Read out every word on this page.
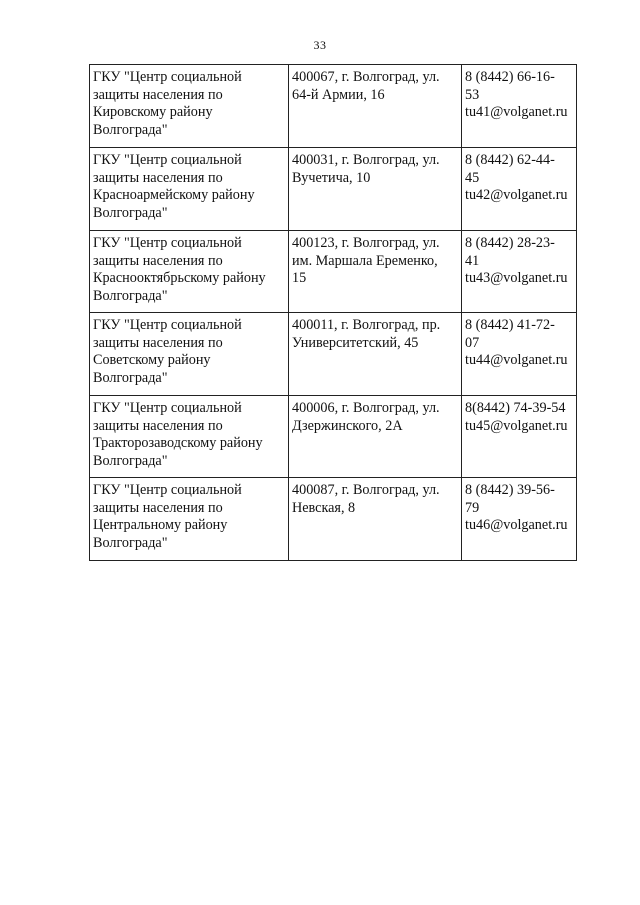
33
ГКУ "Центр социальной
защиты населения по
Кировскому району
Волгограда"	400067, г. Волгоград, ул.
64-й Армии, 16	8 (8442) 66-16-
53
tu41@volganet.ru

ГКУ "Центр социальной
защиты населения по
Красноармейскому району
Волгограда"	400031, г. Волгоград, ул.
Вучетича, 10	8 (8442) 62-44-
45
tu42@volganet.ru

ГКУ "Центр социальной
защиты населения по
Краснооктябрьскому району
Волгограда"	400123, г. Волгоград, ул.
им. Маршала Еременко,
15	8 (8442) 28-23-
41
tu43@volganet.ru

ГКУ "Центр социальной
защиты населения по
Советскому району
Волгограда"	400011, г. Волгоград, пр.
Университетский, 45	8 (8442) 41-72-
07
tu44@volganet.ru

ГКУ "Центр социальной
защиты населения по
Тракторозаводскому району
Волгограда"	400006, г. Волгоград, ул.
Дзержинского, 2А	8(8442) 74-39-54
tu45@volganet.ru

ГКУ "Центр социальной
защиты населения по
Центральному району
Волгограда"	400087, г. Волгоград, ул.
Невская, 8	8 (8442) 39-56-
79
tu46@volganet.ru
